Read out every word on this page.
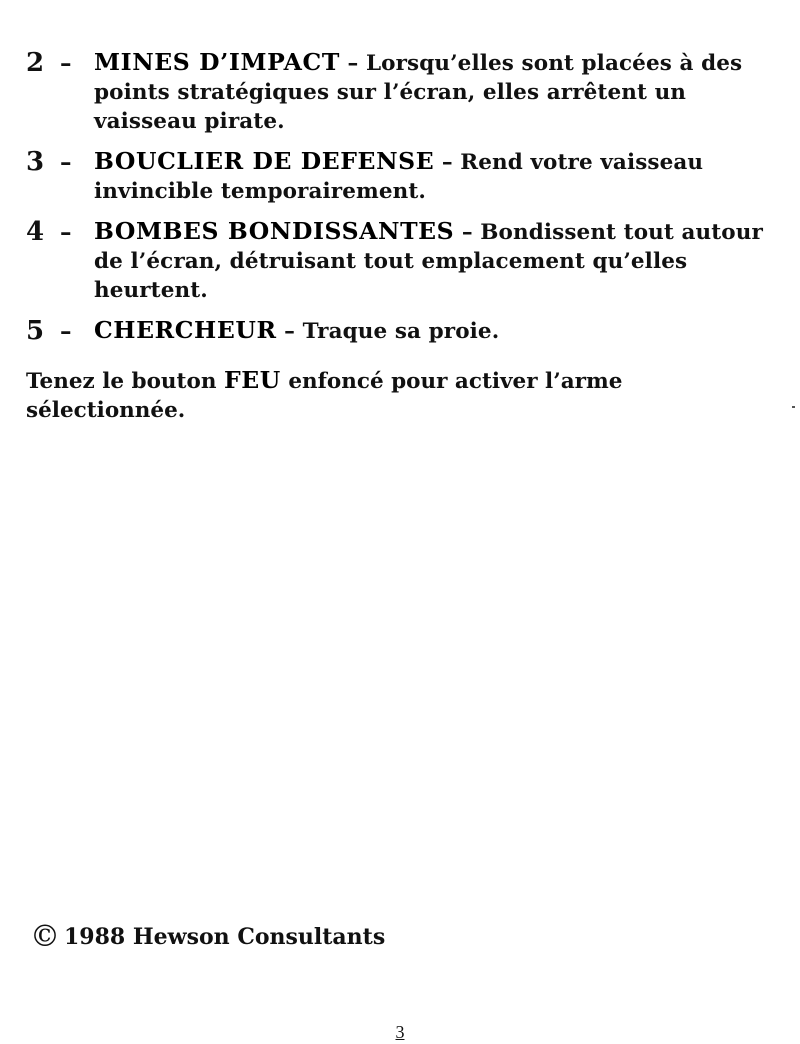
2 – MINES D’IMPACT – Lorsqu’elles sont placées à des points stratégiques sur l’écran, elles arrêtent un vaisseau pirate.
3 – BOUCLIER DE DEFENSE – Rend votre vaisseau invincible temporairement.
4 – BOMBES BONDISSANTES – Bondissent tout autour de l’écran, détruisant tout emplacement qu’elles heurtent.
5 – CHERCHEUR – Traque sa proie.
Tenez le bouton FEU enfoncé pour activer l’arme sélectionnée.
© 1988 Hewson Consultants
3
